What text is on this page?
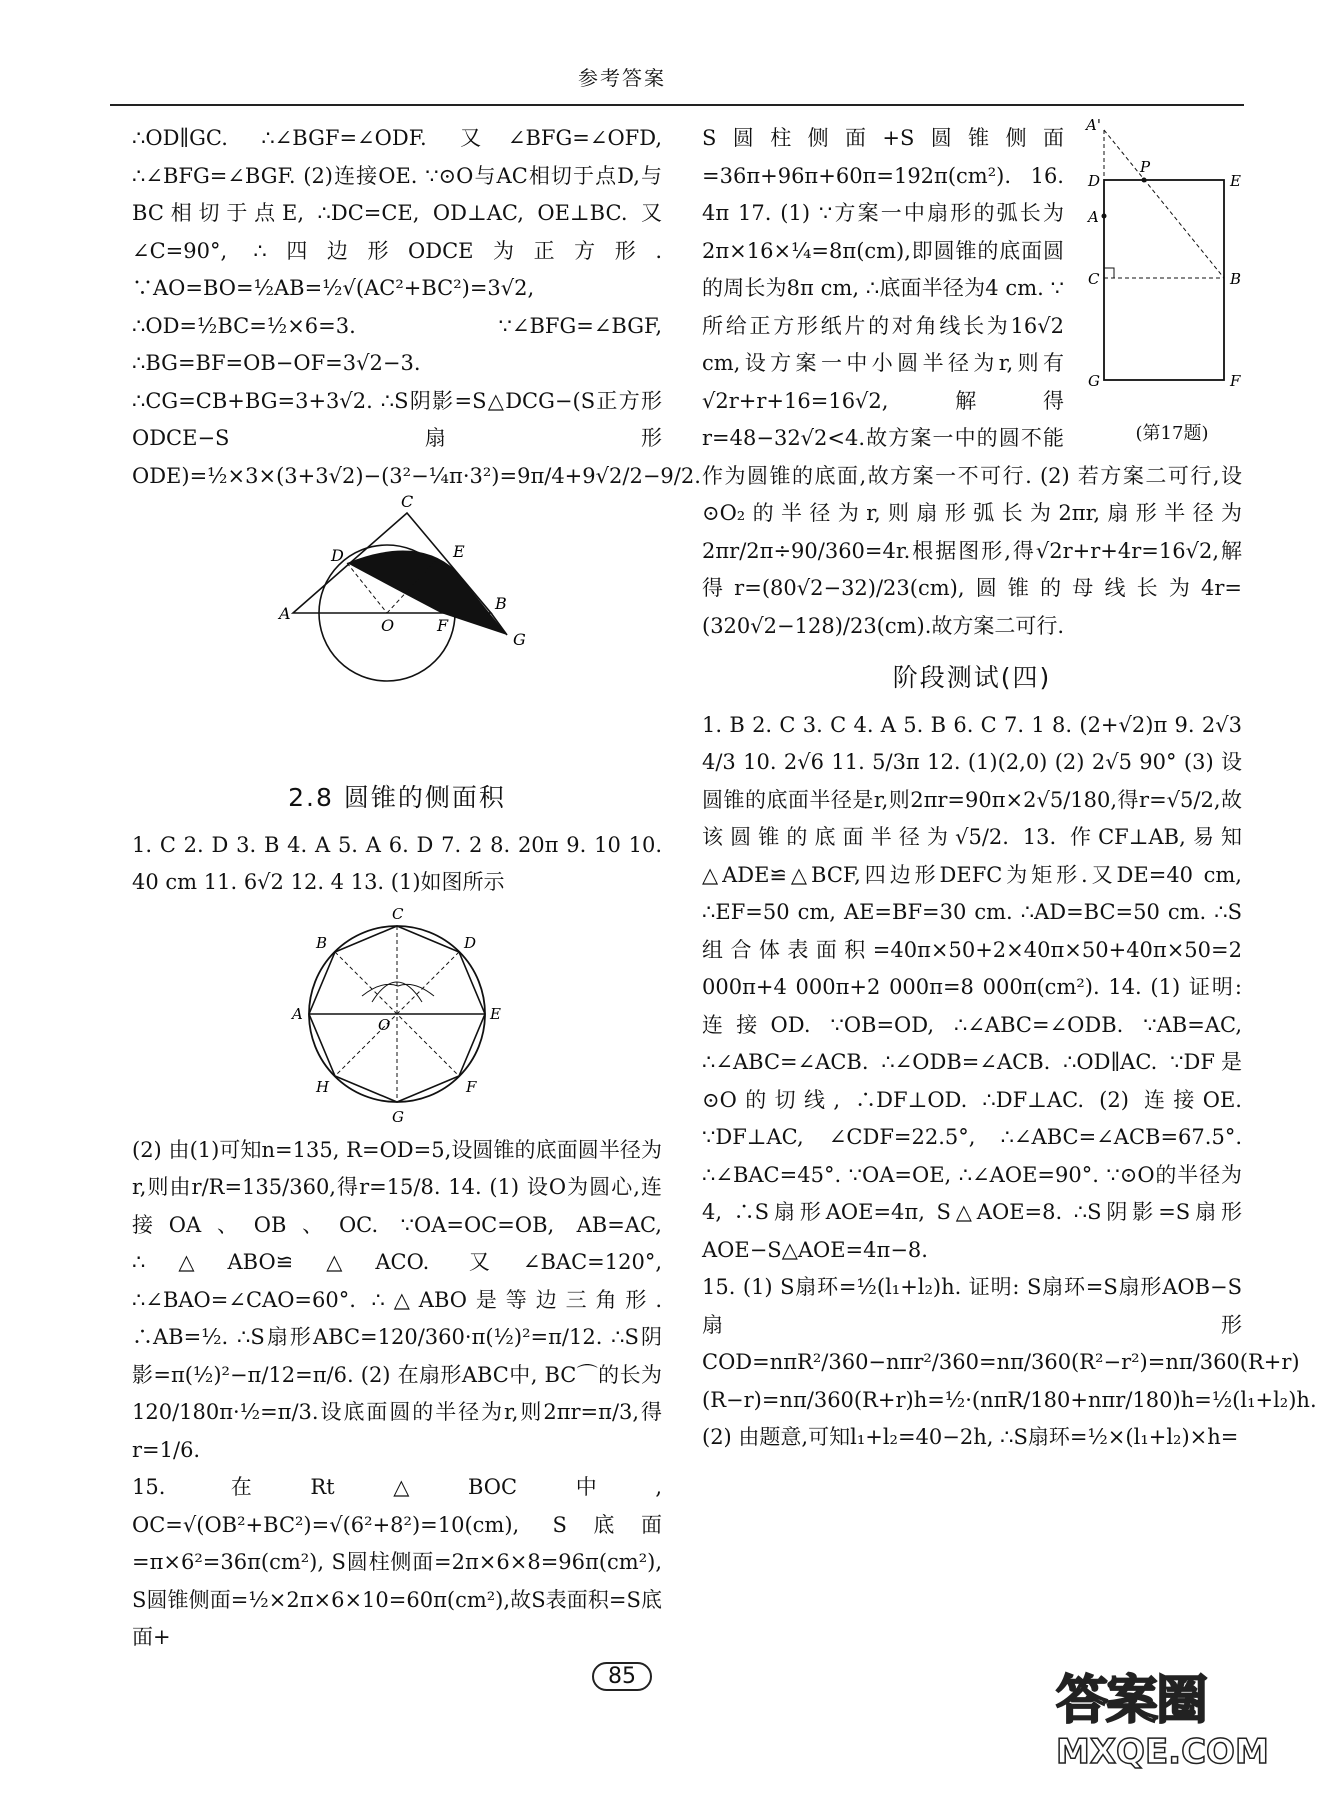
参考答案

∴OD∥GC. ∴∠BGF=∠ODF. 又∠BFG=∠OFD, ∴∠BFG=∠BGF. (2)连接OE. ∵⊙O与AC相切于点D,与BC相切于点E, ∴DC=CE, OD⊥AC, OE⊥BC. 又∠C=90°, ∴四边形ODCE为正方形. ∵AO=BO=½AB=½√(AC²+BC²)=3√2, ∴OD=½BC=½×6=3. ∵∠BFG=∠BGF, ∴BG=BF=OB−OF=3√2−3. ∴CG=CB+BG=3+3√2. ∴S阴影=S△DCG−(S正方形ODCE−S扇形ODE)=½×3×(3+3√2)−(3²−¼π·3²)=9π/4+9√2/2−9/2.

C
D	E
A
O	F
B
G
2.8 圆锥的侧面积

1. C 2. D 3. B 4. A 5. A 6. D 7. 2 8. 20π 9. 10 10. 40 cm 11. 6√2 12. 4 13. (1)如图所示

C
B	D
A
O
E
H	F
G

(2) 由(1)可知n=135, R=OD=5,设圆锥的底面圆半径为r,则由r/R=135/360,得r=15/8. 14. (1) 设O为圆心,连接OA、OB、OC. ∵OA=OC=OB, AB=AC, ∴△ABO≌△ACO. 又∠BAC=120°, ∴∠BAO=∠CAO=60°. ∴△ABO是等边三角形. ∴AB=½. ∴S扇形ABC=120/360·π(½)²=π/12. ∴S阴影=π(½)²−π/12=π/6. (2) 在扇形ABC中, BC⌒的长为120/180π·½=π/3.设底面圆的半径为r,则2πr=π/3,得r=1/6.

15. 在Rt△BOC中, OC=√(OB²+BC²)=√(6²+8²)=10(cm), S底面=π×6²=36π(cm²), S圆柱侧面=2π×6×8=96π(cm²), S圆锥侧面=½×2π×6×10=60π(cm²),故S表面积=S底面+

A'
D
P
E
A
C	B
G	F
(第17题)

S圆柱侧面+S圆锥侧面=36π+96π+60π=192π(cm²). 16. 4π 17. (1) ∵方案一中扇形的弧长为2π×16×¼=8π(cm),即圆锥的底面圆的周长为8π cm, ∴底面半径为4 cm. ∵所给正方形纸片的对角线长为16√2 cm,设方案一中小圆半径为r,则有√2r+r+16=16√2,解得r=48−32√2<4.故方案一中的圆不能作为圆锥的底面,故方案一不可行. (2) 若方案二可行,设⊙O₂的半径为r,则扇形弧长为2πr,扇形半径为2πr/2π÷90/360=4r.根据图形,得√2r+r+4r=16√2,解得r=(80√2−32)/23(cm),圆锥的母线长为4r=(320√2−128)/23(cm).故方案二可行.

阶段测试(四)

1. B 2. C 3. C 4. A 5. B 6. C 7. 1 8. (2+√2)π 9. 2√3 4/3 10. 2√6 11. 5/3π 12. (1)(2,0) (2) 2√5 90° (3) 设圆锥的底面半径是r,则2πr=90π×2√5/180,得r=√5/2,故该圆锥的底面半径为√5/2. 13. 作CF⊥AB,易知△ADE≌△BCF,四边形DEFC为矩形.又DE=40 cm, ∴EF=50 cm, AE=BF=30 cm. ∴AD=BC=50 cm. ∴S组合体表面积=40π×50+2×40π×50+40π×50=2 000π+4 000π+2 000π=8 000π(cm²). 14. (1) 证明:连接OD. ∵OB=OD, ∴∠ABC=∠ODB. ∵AB=AC, ∴∠ABC=∠ACB. ∴∠ODB=∠ACB. ∴OD∥AC. ∵DF是⊙O的切线, ∴DF⊥OD. ∴DF⊥AC. (2) 连接OE. ∵DF⊥AC, ∠CDF=22.5°, ∴∠ABC=∠ACB=67.5°. ∴∠BAC=45°. ∵OA=OE, ∴∠AOE=90°. ∵⊙O的半径为4, ∴S扇形AOE=4π, S△AOE=8. ∴S阴影=S扇形AOE−S△AOE=4π−8.

15. (1) S扇环=½(l₁+l₂)h. 证明: S扇环=S扇形AOB−S扇形COD=nπR²/360−nπr²/360=nπ/360(R²−r²)=nπ/360(R+r)(R−r)=nπ/360(R+r)h=½·(nπR/180+nπr/180)h=½(l₁+l₂)h. (2) 由题意,可知l₁+l₂=40−2h, ∴S扇环=½×(l₁+l₂)×h=

85	答案圈
MXQE.COM
